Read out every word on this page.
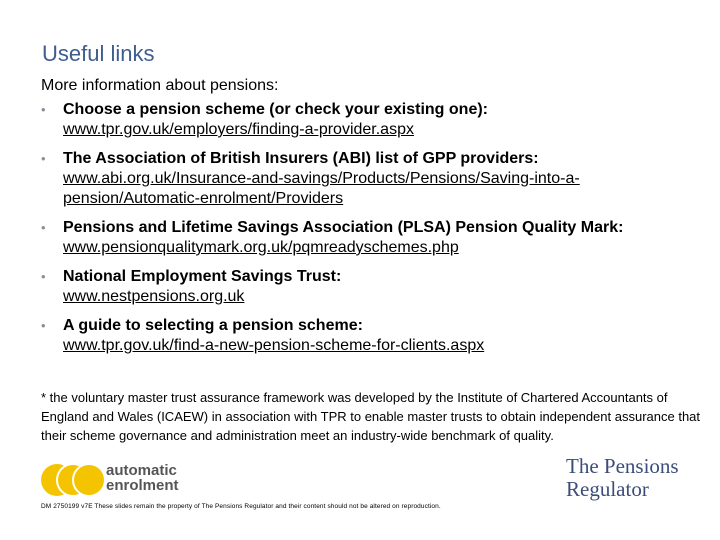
Useful links
More information about pensions:
• Choose a pension scheme (or check your existing one):
www.tpr.gov.uk/employers/finding-a-provider.aspx
• The Association of British Insurers (ABI) list of GPP providers:
www.abi.org.uk/Insurance-and-savings/Products/Pensions/Saving-into-a-pension/Automatic-enrolment/Providers
• Pensions and Lifetime Savings Association (PLSA) Pension Quality Mark:
www.pensionqualitymark.org.uk/pqmreadyschemes.php
• National Employment Savings Trust:
www.nestpensions.org.uk
• A guide to selecting a pension scheme:
www.tpr.gov.uk/find-a-new-pension-scheme-for-clients.aspx
* the voluntary master trust assurance framework was developed by the Institute of Chartered Accountants of England and Wales (ICAEW) in association with TPR to enable master trusts to obtain independent assurance that their scheme governance and administration meet an industry-wide benchmark of quality.
automatic
enrolment
The Pensions
Regulator
DM 2750199 v7E These slides remain the property of The Pensions Regulator and their content should not be altered on reproduction.
